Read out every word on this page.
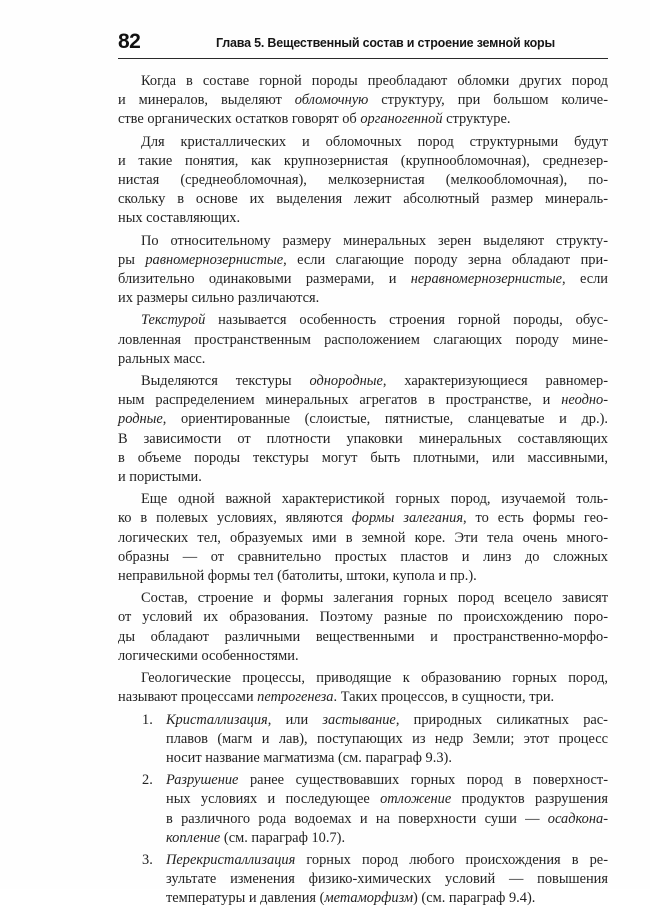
82	Глава 5. Вещественный состав и строение земной коры
Когда в составе горной породы преобладают обломки других пород
и минералов, выделяют обломочную структуру, при большом количе-
стве органических остатков говорят об органогенной структуре.
Для кристаллических и обломочных пород структурными будут
и такие понятия, как крупнозернистая (крупнообломочная), среднезер-
нистая (среднеобломочная), мелкозернистая (мелкообломочная), по-
скольку в основе их выделения лежит абсолютный размер минераль-
ных составляющих.
По относительному размеру минеральных зерен выделяют структу-
ры равномернозернистые, если слагающие породу зерна обладают при-
близительно одинаковыми размерами, и неравномернозернистые, если
их размеры сильно различаются.
Текстурой называется особенность строения горной породы, обус-
ловленная пространственным расположением слагающих породу мине-
ральных масс.
Выделяются текстуры однородные, характеризующиеся равномер-
ным распределением минеральных агрегатов в пространстве, и неодно-
родные, ориентированные (слоистые, пятнистые, сланцеватые и др.).
В зависимости от плотности упаковки минеральных составляющих
в объеме породы текстуры могут быть плотными, или массивными,
и пористыми.
Еще одной важной характеристикой горных пород, изучаемой толь-
ко в полевых условиях, являются формы залегания, то есть формы гео-
логических тел, образуемых ими в земной коре. Эти тела очень много-
образны — от сравнительно простых пластов и линз до сложных
неправильной формы тел (батолиты, штоки, купола и пр.).
Состав, строение и формы залегания горных пород всецело зависят
от условий их образования. Поэтому разные по происхождению поро-
ды обладают различными вещественными и пространственно-морфо-
логическими особенностями.
Геологические процессы, приводящие к образованию горных пород,
называют процессами петрогенеза. Таких процессов, в сущности, три.
1. Кристаллизация, или застывание, природных силикатных рас-
плавов (магм и лав), поступающих из недр Земли; этот процесс
носит название магматизма (см. параграф 9.3).
2. Разрушение ранее существовавших горных пород в поверхност-
ных условиях и последующее отложение продуктов разрушения
в различного рода водоемах и на поверхности суши — осадкона-
копление (см. параграф 10.7).
3. Перекристаллизация горных пород любого происхождения в ре-
зультате изменения физико-химических условий — повышения
температуры и давления (метаморфизм) (см. параграф 9.4).
